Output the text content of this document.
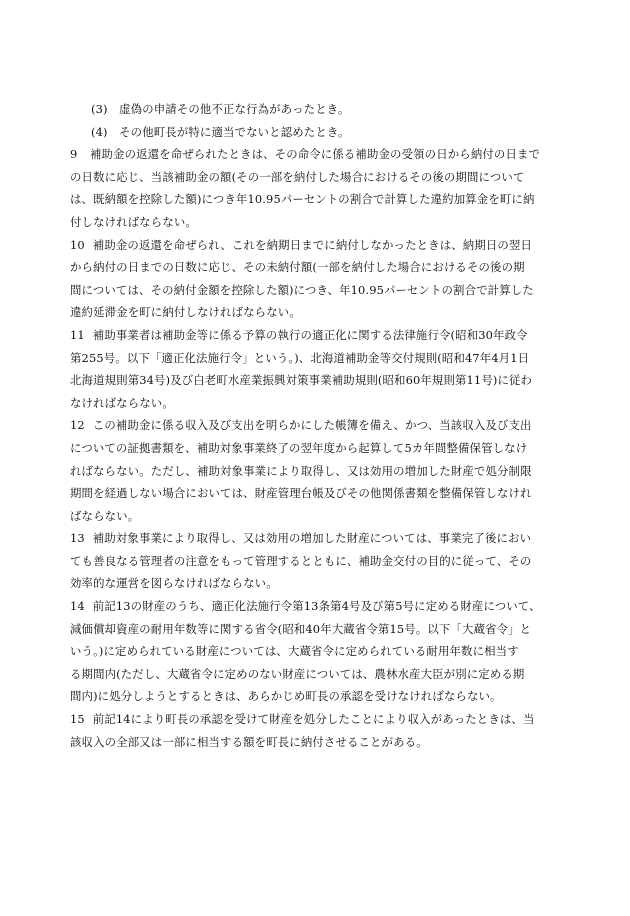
(3)　 虚偽の申請その他不正な行為があったとき。
(4)　 その他町長が特に適当でないと認めたとき。
9 補助金の返還を命ぜられたときは、その命令に係る補助金の受領の日から納付の日まで
の日数に応じ、当該補助金の額(その一部を納付した場合におけるその後の期間について
は、既納額を控除した額)につき年10.95パーセントの割合で計算した違約加算金を町に納
付しなければならない。
10 補助金の返還を命ぜられ、これを納期日までに納付しなかったときは、納期日の翌日
から納付の日までの日数に応じ、その未納付額(一部を納付した場合におけるその後の期
間については、その納付金額を控除した額)につき、年10.95パーセントの割合で計算した
違約延滞金を町に納付しなければならない。
11 補助事業者は補助金等に係る予算の執行の適正化に関する法律施行令(昭和30年政令
第255号。以下「適正化法施行令」という。)、北海道補助金等交付規則(昭和47年4月1日
北海道規則第34号)及び白老町水産業振興対策事業補助規則(昭和60年規則第11号)に従わ
なければならない。
12 この補助金に係る収入及び支出を明らかにした帳簿を備え、かつ、当該収入及び支出
についての証拠書類を、補助対象事業終了の翌年度から起算して5カ年間整備保管しなけ
ればならない。ただし、補助対象事業により取得し、又は効用の増加した財産で処分制限
期間を経過しない場合においては、財産管理台帳及びその他関係書類を整備保管しなけれ
ばならない。
13 補助対象事業により取得し、又は効用の増加した財産については、事業完了後におい
ても善良なる管理者の注意をもって管理するとともに、補助金交付の目的に従って、その
効率的な運営を図らなければならない。
14 前記13の財産のうち、適正化法施行令第13条第4号及び第5号に定める財産について、
減価償却資産の耐用年数等に関する省令(昭和40年大蔵省令第15号。以下「大蔵省令」と
いう。)に定められている財産については、大蔵省令に定められている耐用年数に相当す
る期間内(ただし、大蔵省令に定めのない財産については、農林水産大臣が別に定める期
間内)に処分しようとするときは、あらかじめ町長の承認を受けなければならない。
15 前記14により町長の承認を受けて財産を処分したことにより収入があったときは、当
該収入の全部又は一部に相当する額を町長に納付させることがある。
